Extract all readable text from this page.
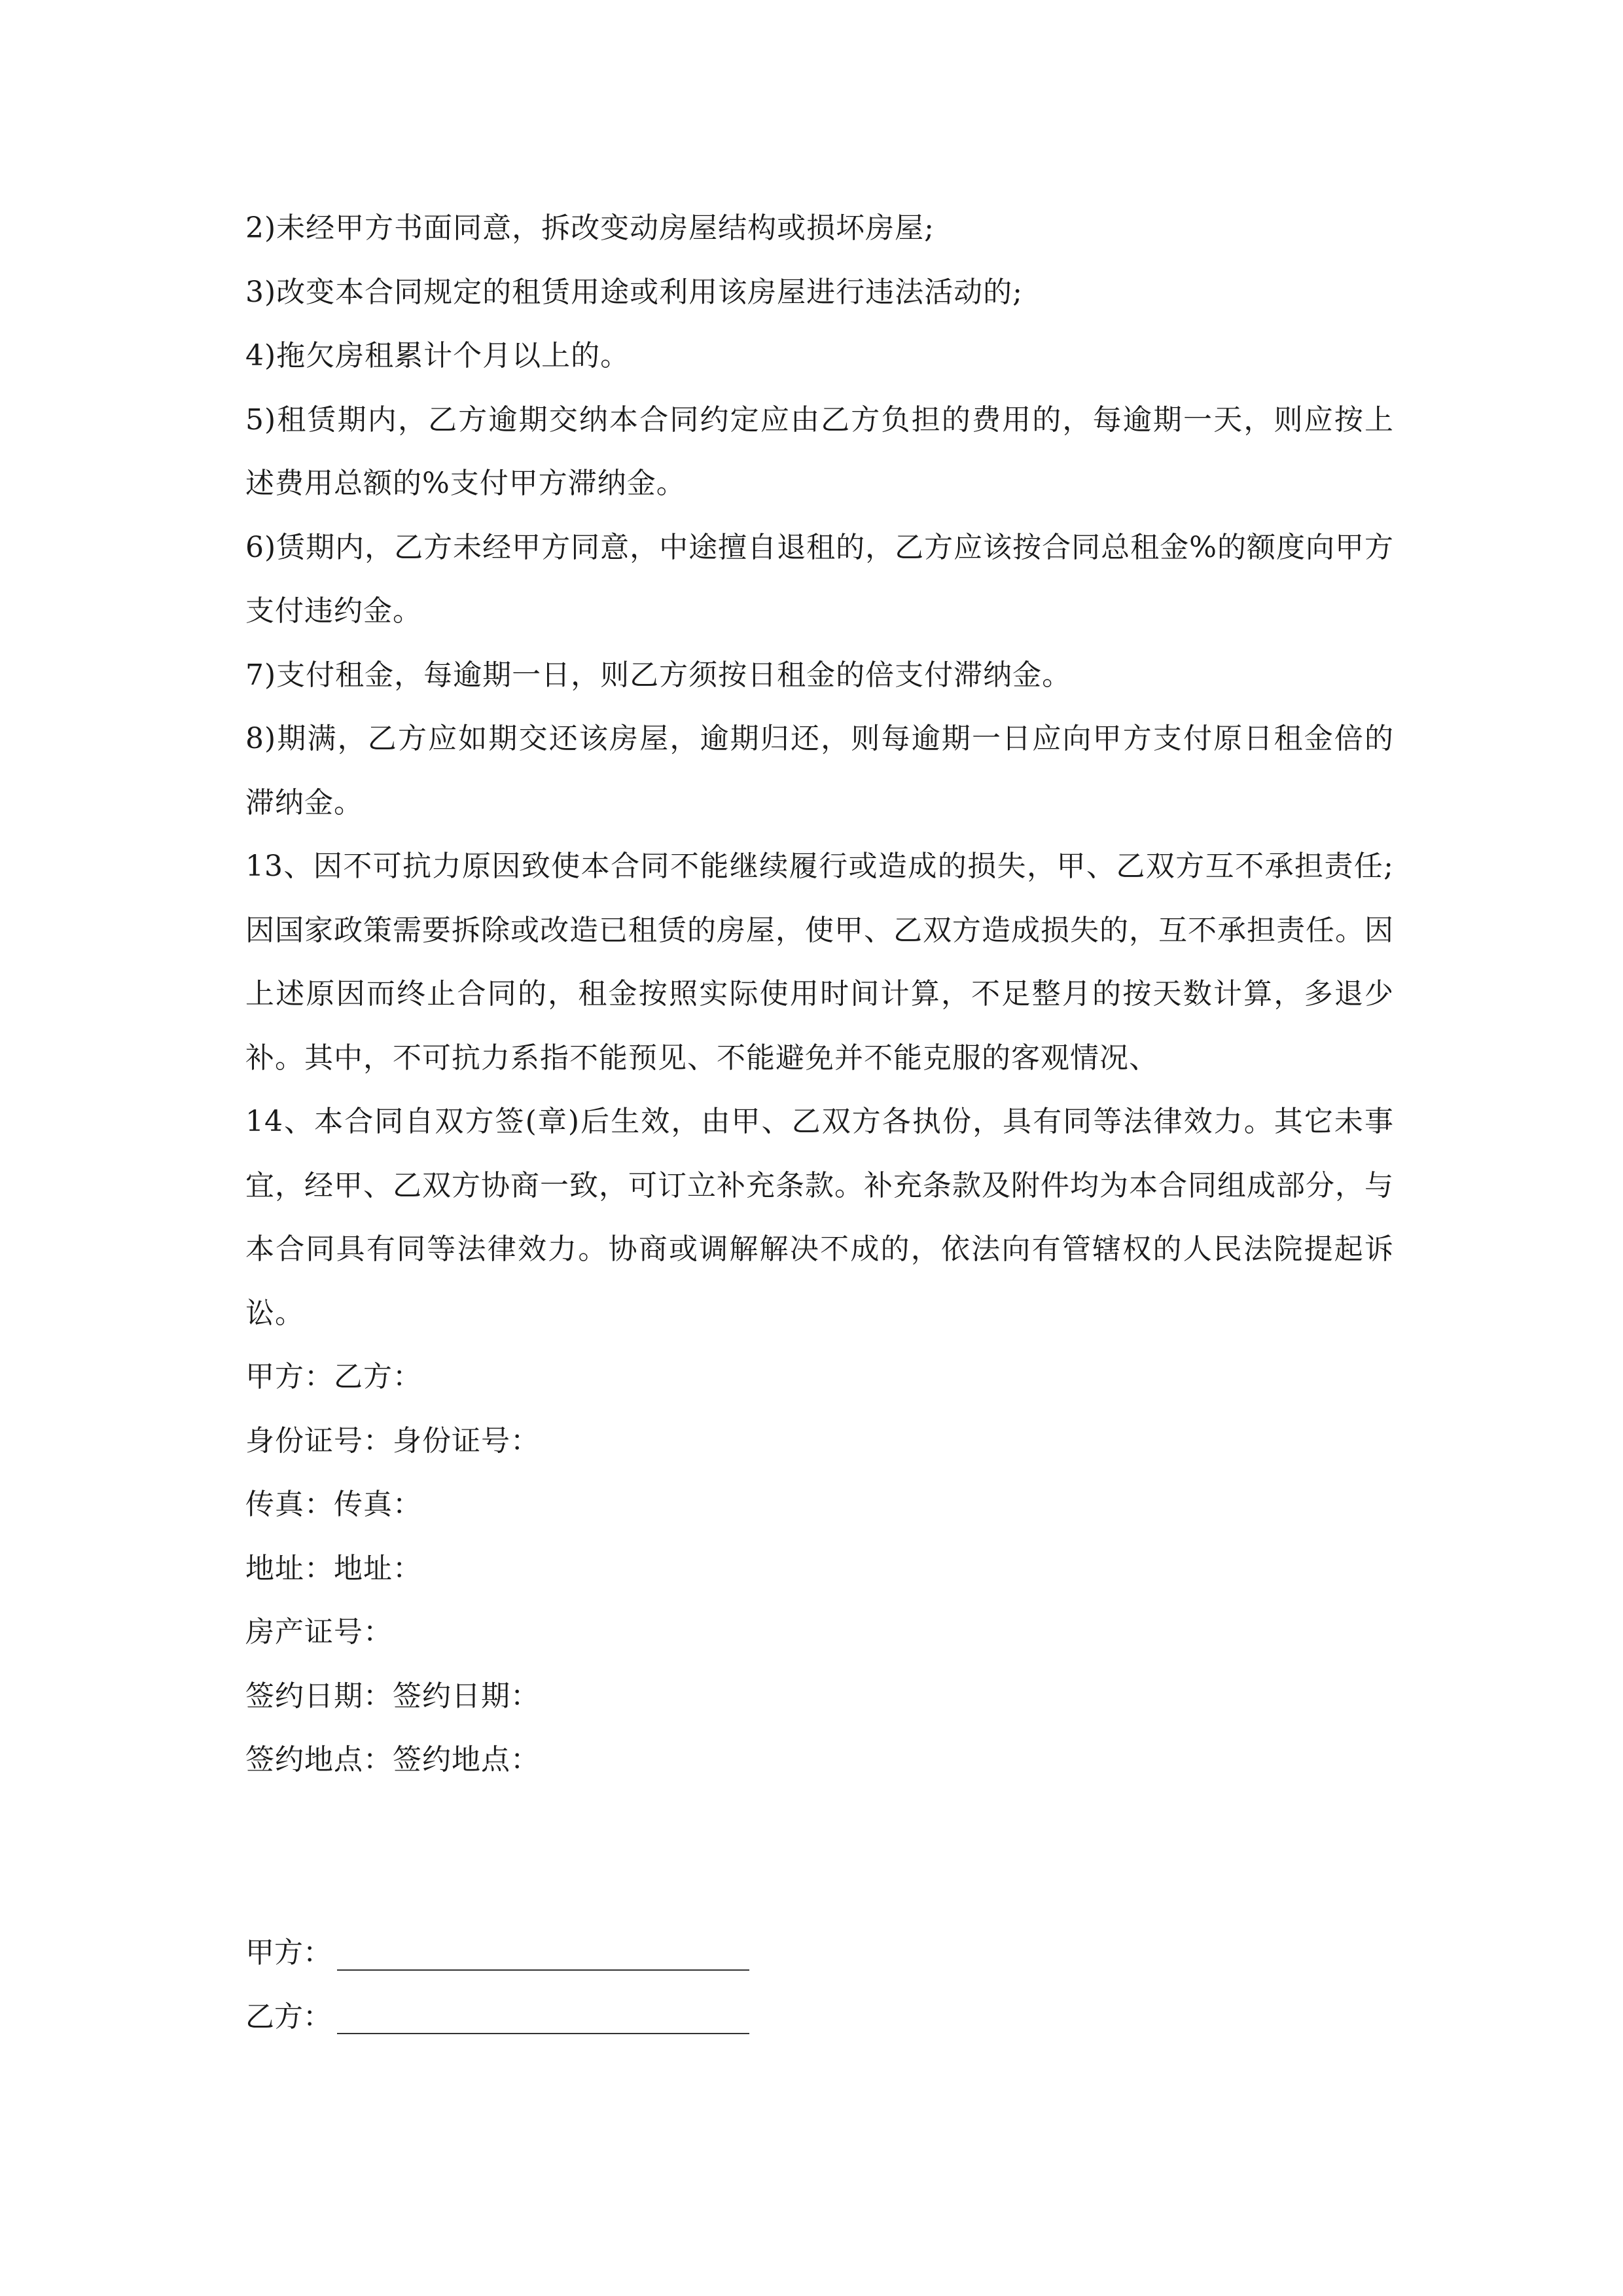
2)未经甲方书面同意，拆改变动房屋结构或损坏房屋;

3)改变本合同规定的租赁用途或利用该房屋进行违法活动的;

4)拖欠房租累计个月以上的。

5)租赁期内，乙方逾期交纳本合同约定应由乙方负担的费用的，每逾期一天，则应按上述费用总额的%支付甲方滞纳金。

6)赁期内，乙方未经甲方同意，中途擅自退租的，乙方应该按合同总租金%的额度向甲方支付违约金。

7)支付租金，每逾期一日，则乙方须按日租金的倍支付滞纳金。

8)期满，乙方应如期交还该房屋，逾期归还，则每逾期一日应向甲方支付原日租金倍的滞纳金。

13、因不可抗力原因致使本合同不能继续履行或造成的损失，甲、乙双方互不承担责任;因国家政策需要拆除或改造已租赁的房屋，使甲、乙双方造成损失的，互不承担责任。因上述原因而终止合同的，租金按照实际使用时间计算，不足整月的按天数计算，多退少补。其中，不可抗力系指不能预见、不能避免并不能克服的客观情况、

14、本合同自双方签(章)后生效，由甲、乙双方各执份，具有同等法律效力。其它未事宜，经甲、乙双方协商一致，可订立补充条款。补充条款及附件均为本合同组成部分，与本合同具有同等法律效力。协商或调解解决不成的，依法向有管辖权的人民法院提起诉讼。

甲方：乙方：

身份证号：身份证号：

传真：传真：

地址：地址：

房产证号：

签约日期：签约日期：

签约地点：签约地点：

甲方：
乙方：
